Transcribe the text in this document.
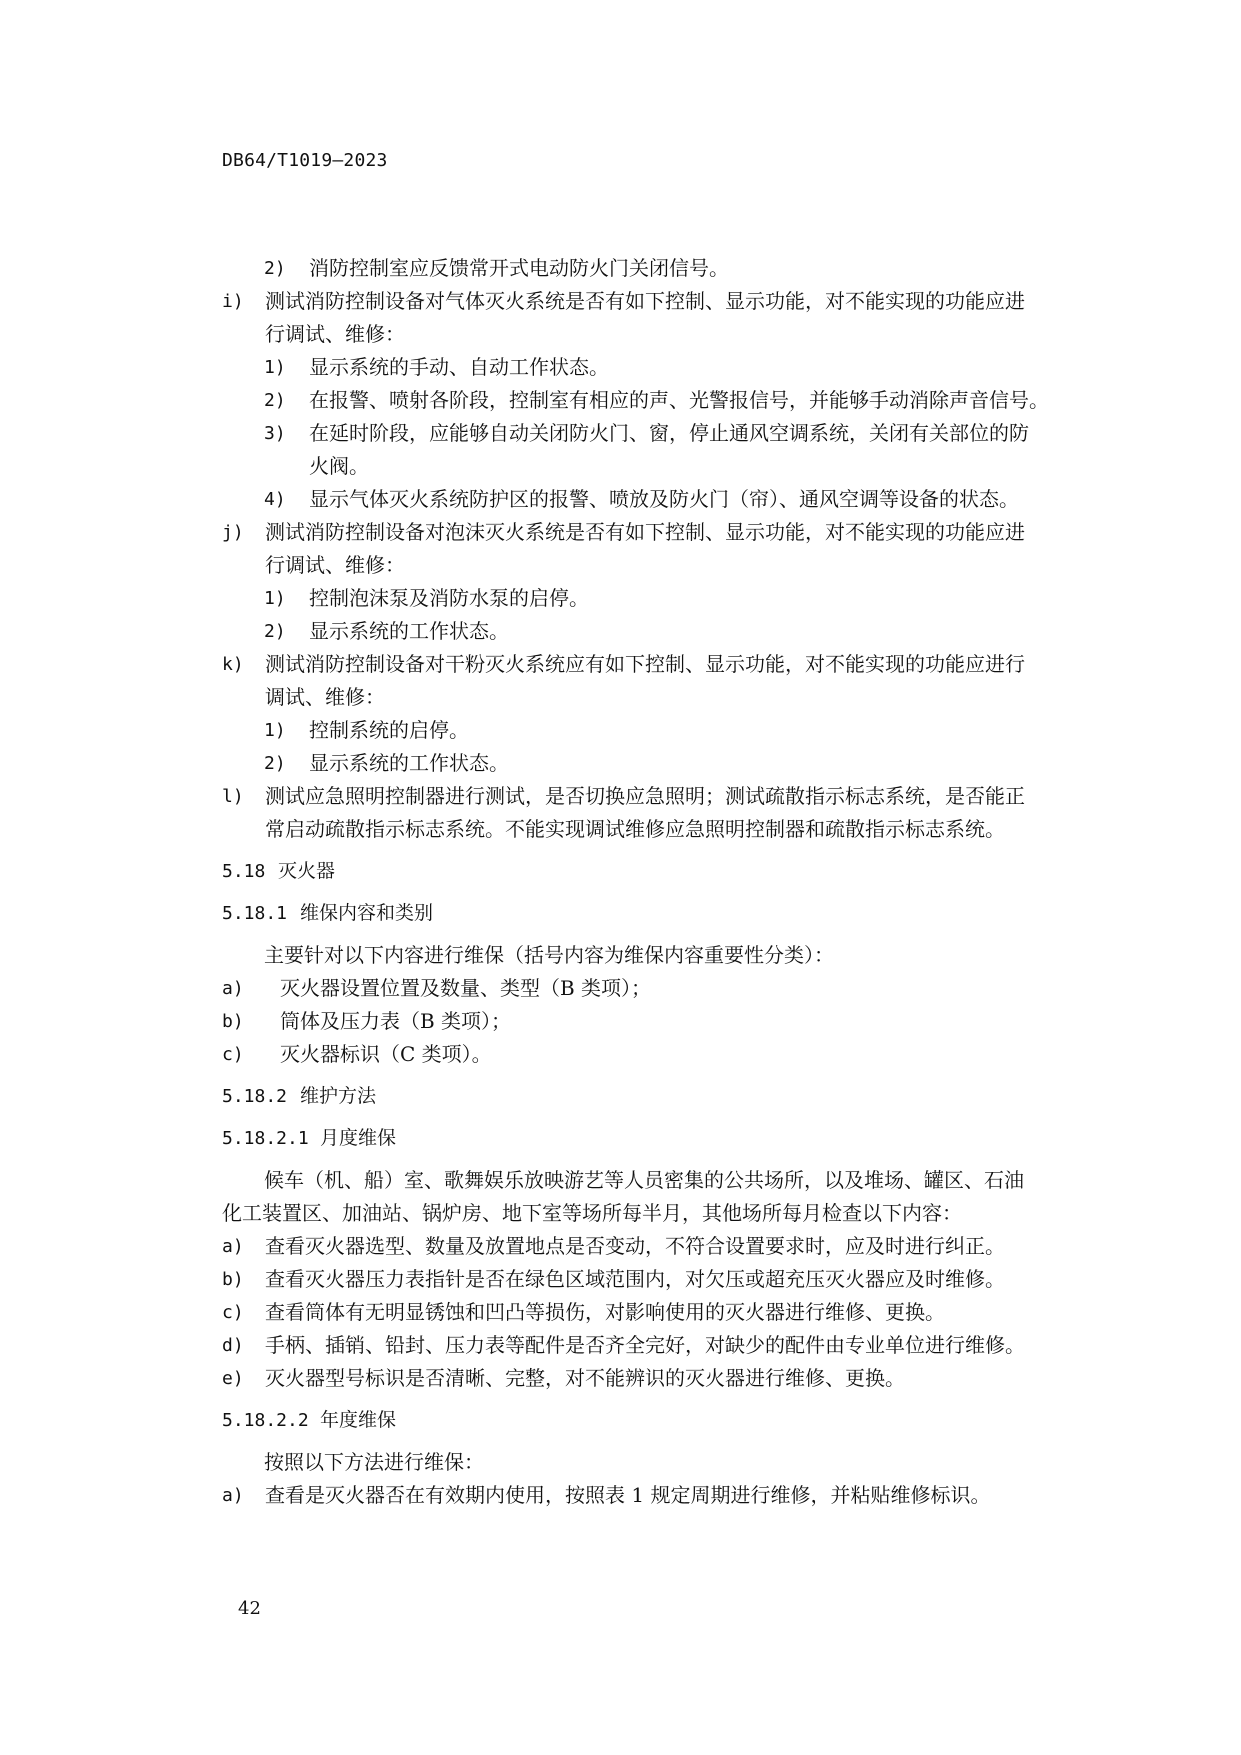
DB64/T1019—2023
2) 消防控制室应反馈常开式电动防火门关闭信号。
i) 测试消防控制设备对气体灭火系统是否有如下控制、显示功能，对不能实现的功能应进
行调试、维修：
1) 显示系统的手动、自动工作状态。
2) 在报警、喷射各阶段，控制室有相应的声、光警报信号，并能够手动消除声音信号。
3) 在延时阶段，应能够自动关闭防火门、窗，停止通风空调系统，关闭有关部位的防
火阀。
4) 显示气体灭火系统防护区的报警、喷放及防火门（帘）、通风空调等设备的状态。
j) 测试消防控制设备对泡沫灭火系统是否有如下控制、显示功能，对不能实现的功能应进
行调试、维修：
1) 控制泡沫泵及消防水泵的启停。
2) 显示系统的工作状态。
k) 测试消防控制设备对干粉灭火系统应有如下控制、显示功能，对不能实现的功能应进行
调试、维修：
1) 控制系统的启停。
2) 显示系统的工作状态。
l) 测试应急照明控制器进行测试，是否切换应急照明；测试疏散指示标志系统，是否能正
常启动疏散指示标志系统。不能实现调试维修应急照明控制器和疏散指示标志系统。
5.18 灭火器
5.18.1 维保内容和类别
主要针对以下内容进行维保（括号内容为维保内容重要性分类）：
a) 灭火器设置位置及数量、类型（B 类项）；
b) 筒体及压力表（B 类项）；
c) 灭火器标识（C 类项）。
5.18.2 维护方法
5.18.2.1 月度维保
候车（机、船）室、歌舞娱乐放映游艺等人员密集的公共场所，以及堆场、罐区、石油
化工装置区、加油站、锅炉房、地下室等场所每半月，其他场所每月检查以下内容：
a) 查看灭火器选型、数量及放置地点是否变动，不符合设置要求时，应及时进行纠正。
b) 查看灭火器压力表指针是否在绿色区域范围内，对欠压或超充压灭火器应及时维修。
c) 查看筒体有无明显锈蚀和凹凸等损伤，对影响使用的灭火器进行维修、更换。
d) 手柄、插销、铅封、压力表等配件是否齐全完好，对缺少的配件由专业单位进行维修。
e) 灭火器型号标识是否清晰、完整，对不能辨识的灭火器进行维修、更换。
5.18.2.2 年度维保
按照以下方法进行维保：
a) 查看是灭火器否在有效期内使用，按照表 1 规定周期进行维修，并粘贴维修标识。
42
